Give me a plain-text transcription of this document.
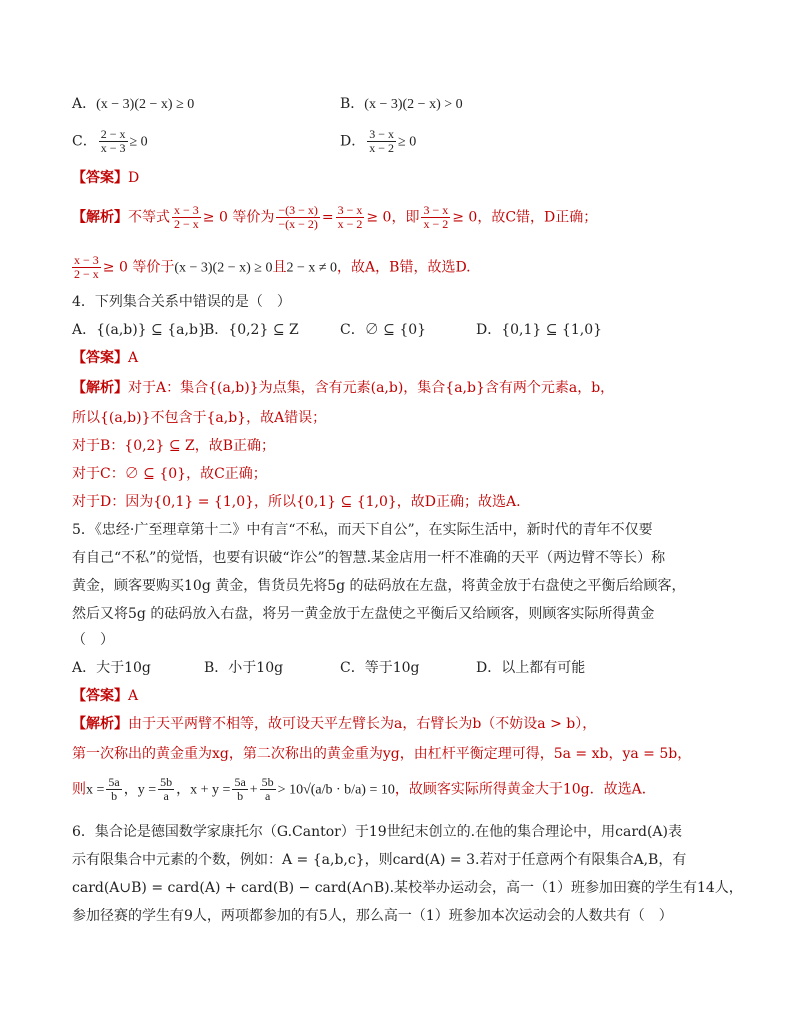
A．(x − 3)(2 − x) ≥ 0	B．(x − 3)(2 − x) > 0
C． $\frac{2 - x}{x - 3} \ge 0$	D． $\frac{3 - x}{x - 2} \ge 0$
【答案】D
【解析】不等式 $\frac{x - 3}{2 - x} \ge 0$ 等价为 $\frac{-(3 - x)}{-(x - 2)} = \frac{3 - x}{x - 2} \ge 0$，即 $\frac{3 - x}{x - 2} \ge 0$，故C错，D正确；
$\frac{x - 3}{2 - x} \ge 0$ 等价于(x − 3)(2 − x) ≥ 0且2 − x ≠ 0，故A，B错，故选D.
4．下列集合关系中错误的是（　）
A．{(a,b)} ⊆ {a,b}B．{0,2} ⊆ Z	C．∅ ⊆ {0}	D．{0,1} ⊆ {1,0}
【答案】A
【解析】对于A：集合{(a,b)}为点集，含有元素(a,b)，集合{a,b}含有两个元素a，b，
所以{(a,b)}不包含于{a,b}，故A错误；
对于B：{0,2} ⊆ Z，故B正确；
对于C：∅ ⊆ {0}，故C正确；
对于D：因为{0,1} = {1,0}，所以{0,1} ⊆ {1,0}，故D正确；故选A.
5．《忠经·广至理章第十二》中有言“不私，而天下自公”，在实际生活中，新时代的青年不仅要
有自己“不私”的觉悟，也要有识破“诈公”的智慧.某金店用一杆不准确的天平（两边臂不等长）称
黄金，顾客要购买10g 黄金，售货员先将5g 的砝码放在左盘，将黄金放于右盘使之平衡后给顾客，
然后又将5g 的砝码放入右盘，将另一黄金放于左盘使之平衡后又给顾客，则顾客实际所得黄金
（　）
A．大于10g	B．小于10g	C．等于10g	D．以上都有可能
【答案】A
【解析】由于天平两臂不相等，故可设天平左臂长为a，右臂长为b（不妨设a > b），
第一次称出的黄金重为xg，第二次称出的黄金重为yg，由杠杆平衡定理可得，5a = xb，ya = 5b，
则$x = \frac{5a}{b}$ ，$y = \frac{5b}{a}$ ，$x + y = \frac{5a}{b} + \frac{5b}{a} > 10√(a/b \cdot b/a) = 10$，故顾客实际所得黄金大于10g．故选A．
6．集合论是德国数学家康托尔（G.Cantor）于19世纪末创立的.在他的集合理论中，用card(A)表
示有限集合中元素的个数，例如：A = {a,b,c}，则card(A) = 3.若对于任意两个有限集合A,B，有
card(A∪B) = card(A) + card(B) − card(A∩B).某校举办运动会，高一（1）班参加田赛的学生有14人，
参加径赛的学生有9人，两项都参加的有5人，那么高一（1）班参加本次运动会的人数共有（　）
